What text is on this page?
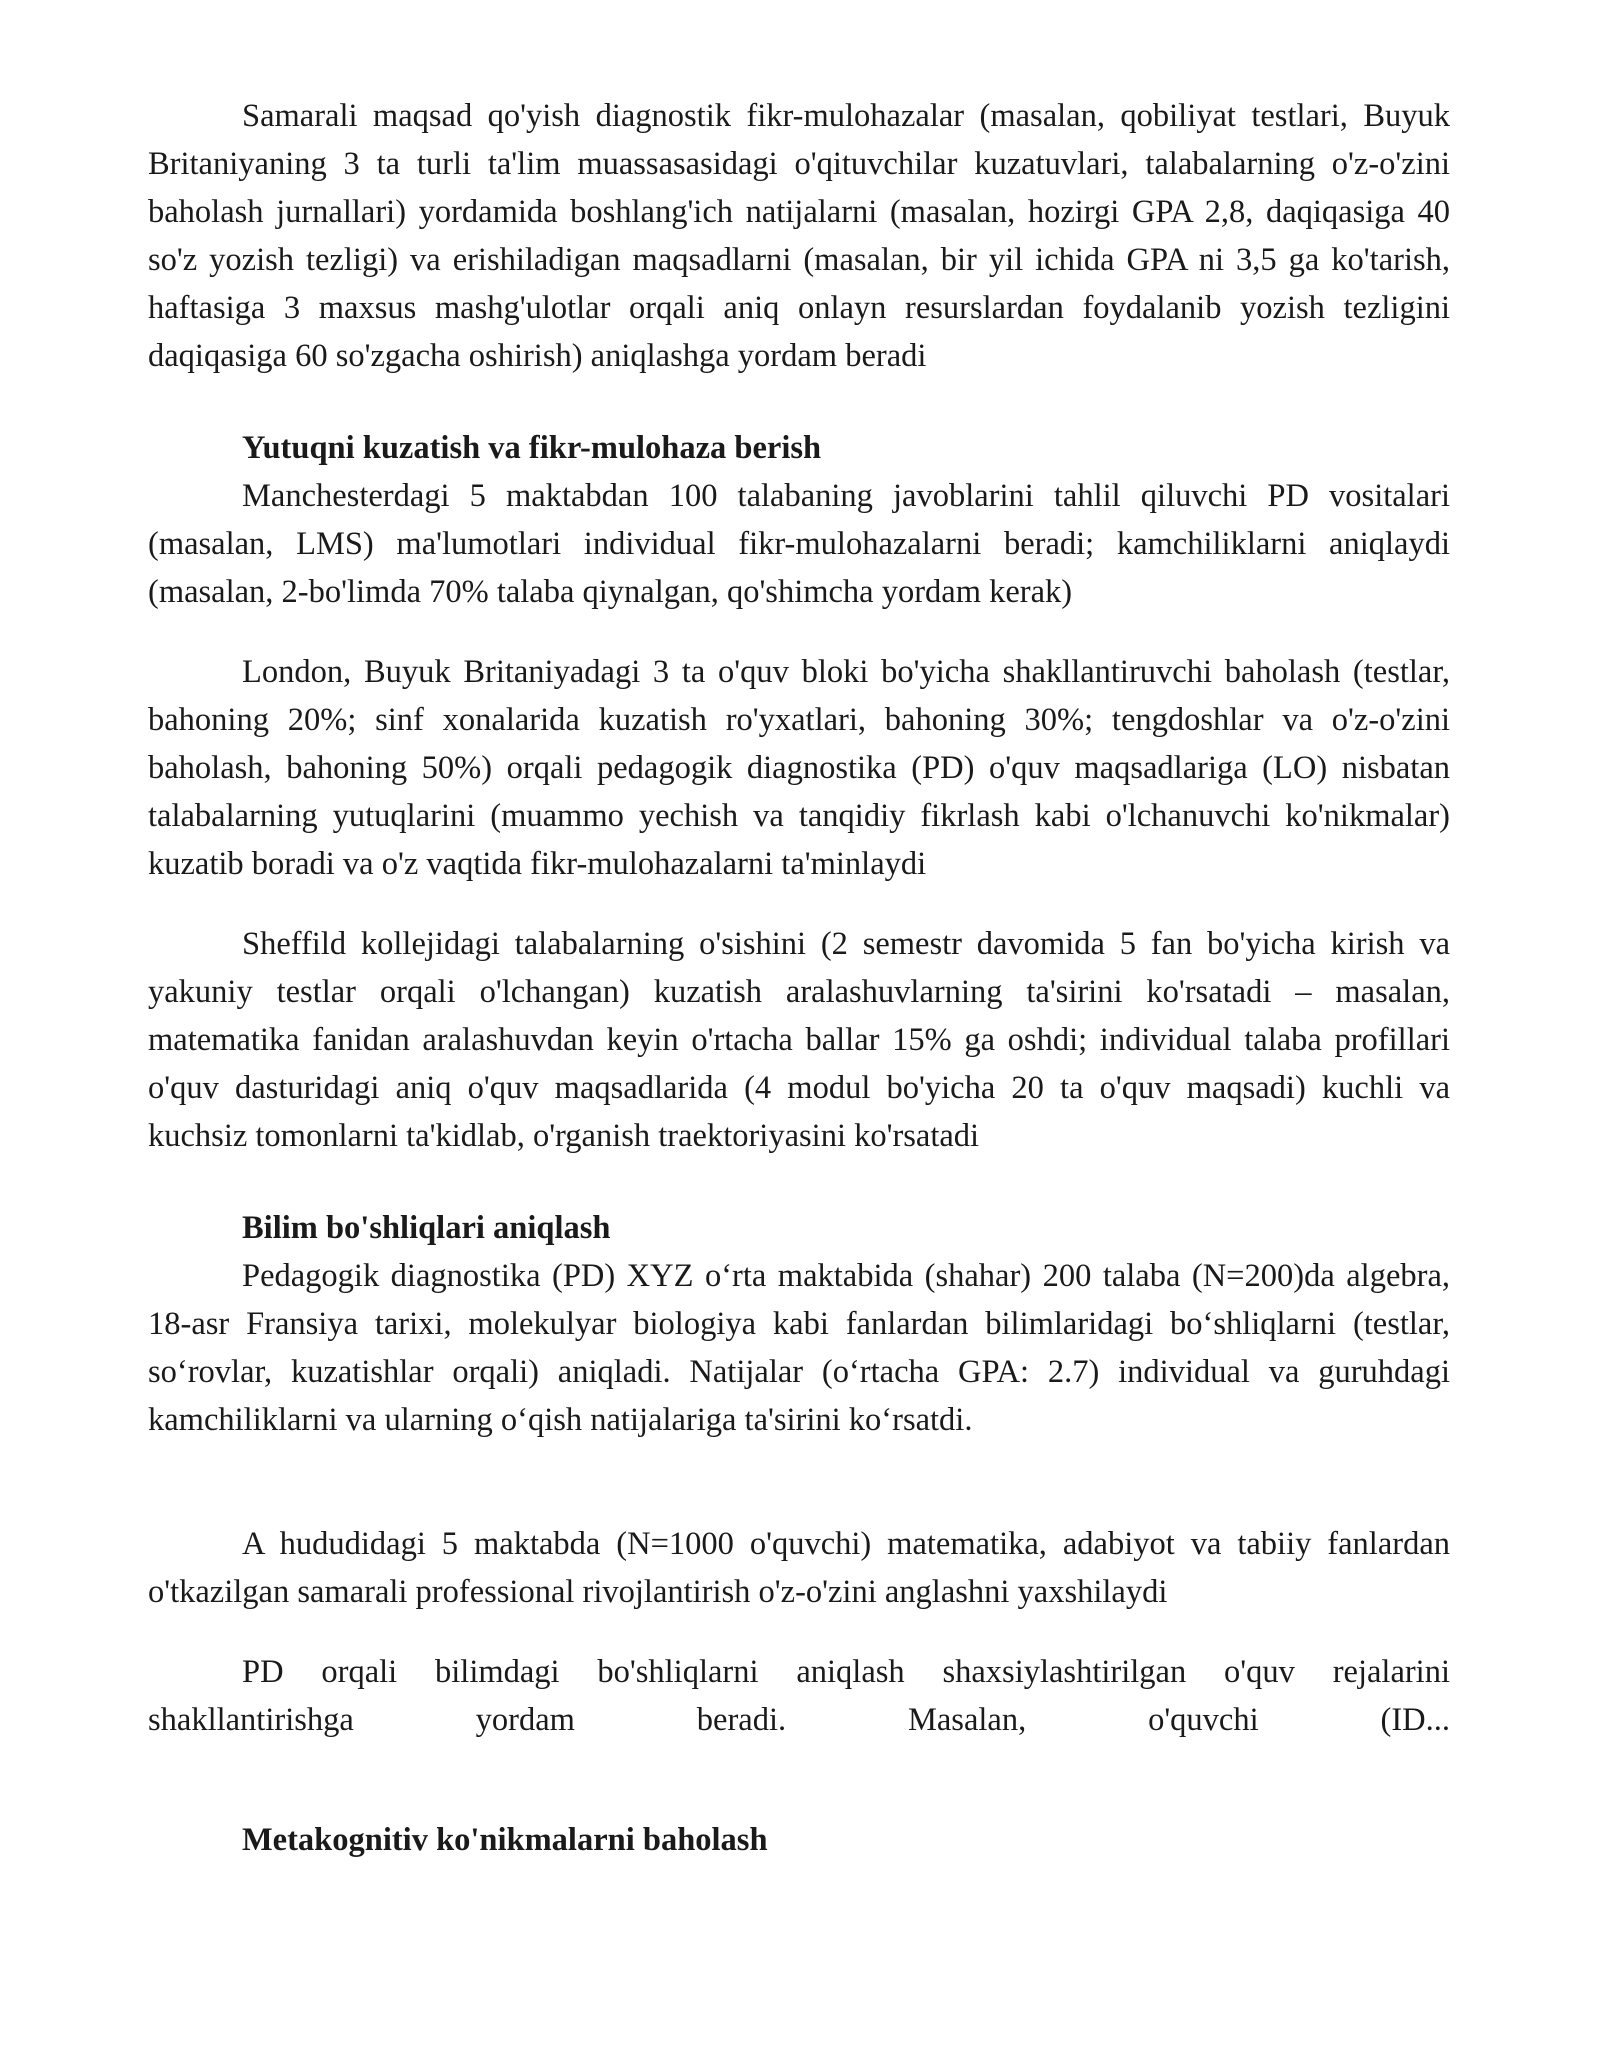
Samarali maqsad qo'yish diagnostik fikr-mulohazalar (masalan, qobiliyat testlari, Buyuk Britaniyaning 3 ta turli ta'lim muassasasidagi o'qituvchilar kuzatuvlari, talabalarning o'z-o'zini baholash jurnallari) yordamida boshlang'ich natijalarni (masalan, hozirgi GPA 2,8, daqiqasiga 40 so'z yozish tezligi) va erishiladigan maqsadlarni (masalan, bir yil ichida GPA ni 3,5 ga ko'tarish, haftasiga 3 maxsus mashg'ulotlar orqali aniq onlayn resurslardan foydalanib yozish tezligini daqiqasiga 60 so'zgacha oshirish) aniqlashga yordam beradi

Yutuqni kuzatish va fikr-mulohaza berish

Manchesterdagi 5 maktabdan 100 talabaning javoblarini tahlil qiluvchi PD vositalari (masalan, LMS) ma'lumotlari individual fikr-mulohazalarni beradi; kamchiliklarni aniqlaydi (masalan, 2-bo'limda 70% talaba qiynalgan, qo'shimcha yordam kerak)

London, Buyuk Britaniyadagi 3 ta o'quv bloki bo'yicha shakllantiruvchi baholash (testlar, bahoning 20%; sinf xonalarida kuzatish ro'yxatlari, bahoning 30%; tengdoshlar va o'z-o'zini baholash, bahoning 50%) orqali pedagogik diagnostika (PD) o'quv maqsadlariga (LO) nisbatan talabalarning yutuqlarini (muammo yechish va tanqidiy fikrlash kabi o'lchanuvchi ko'nikmalar) kuzatib boradi va o'z vaqtida fikr-mulohazalarni ta'minlaydi

Sheffild kollejidagi talabalarning o'sishini (2 semestr davomida 5 fan bo'yicha kirish va yakuniy testlar orqali o'lchangan) kuzatish aralashuvlarning ta'sirini ko'rsatadi – masalan, matematika fanidan aralashuvdan keyin o'rtacha ballar 15% ga oshdi; individual talaba profillari o'quv dasturidagi aniq o'quv maqsadlarida (4 modul bo'yicha 20 ta o'quv maqsadi) kuchli va kuchsiz tomonlarni ta'kidlab, o'rganish traektoriyasini ko'rsatadi

Bilim bo'shliqlari aniqlash

Pedagogik diagnostika (PD) XYZ o‘rta maktabida (shahar) 200 talaba (N=200)da algebra, 18-asr Fransiya tarixi, molekulyar biologiya kabi fanlardan bilimlaridagi bo‘shliqlarni (testlar, so‘rovlar, kuzatishlar orqali) aniqladi. Natijalar (o‘rtacha GPA: 2.7) individual va guruhdagi kamchiliklarni va ularning o‘qish natijalariga ta'sirini ko‘rsatdi.

A hududidagi 5 maktabda (N=1000 o'quvchi) matematika, adabiyot va tabiiy fanlardan o'tkazilgan samarali professional rivojlantirish o'z-o'zini anglashni yaxshilaydi

PD orqali bilimdagi bo'shliqlarni aniqlash shaxsiylashtirilgan o'quv rejalarini shakllantirishga yordam beradi. Masalan, o'quvchi (ID...

Metakognitiv ko'nikmalarni baholash
